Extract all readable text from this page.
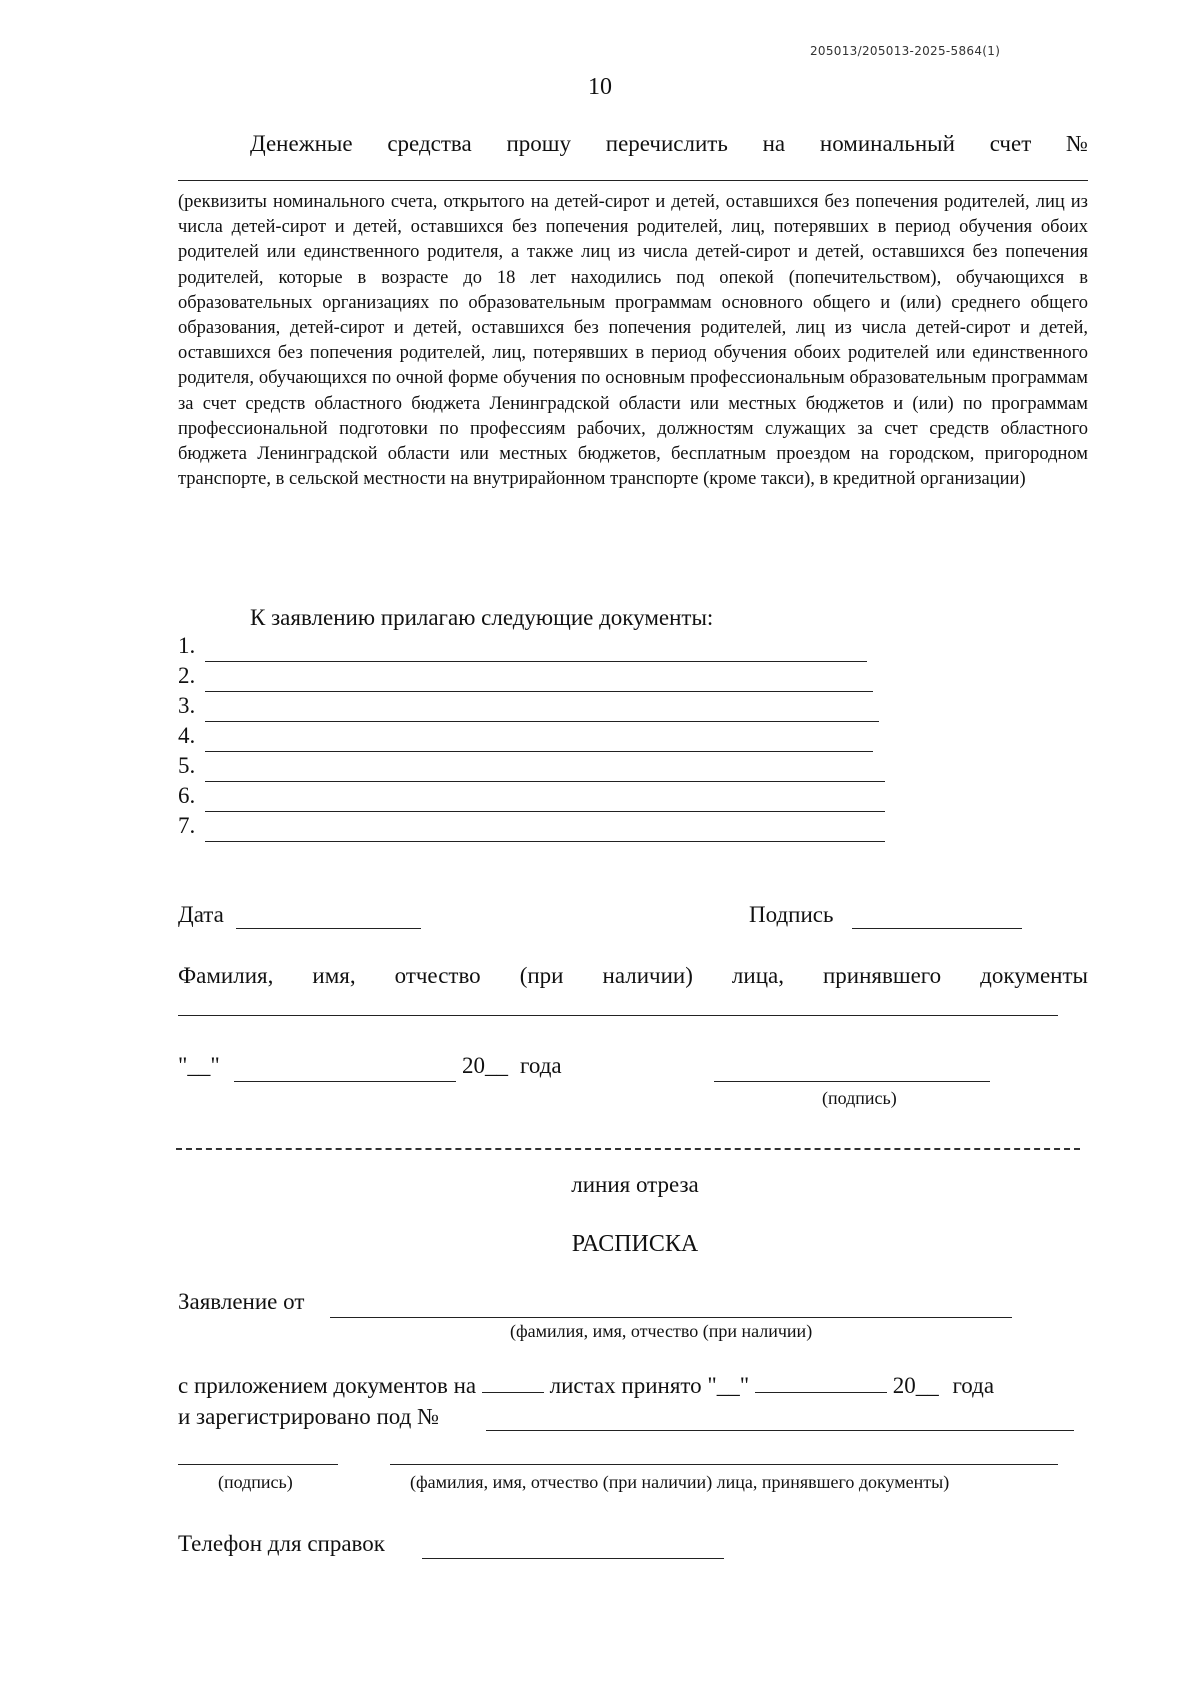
205013/205013-2025-5864(1)
10
Денежные средства прошу перечислить на номинальный счет №
(реквизиты номинального счета, открытого на детей-сирот и детей, оставшихся без попечения родителей, лиц из числа детей-сирот и детей, оставшихся без попечения родителей, лиц, потерявших в период обучения обоих родителей или единственного родителя, а также лиц из числа детей-сирот и детей, оставшихся без попечения родителей, которые в возрасте до 18 лет находились под опекой (попечительством), обучающихся в образовательных организациях по образовательным программам основного общего и (или) среднего общего образования, детей-сирот и детей, оставшихся без попечения родителей, лиц из числа детей-сирот и детей, оставшихся без попечения родителей, лиц, потерявших в период обучения обоих родителей или единственного родителя, обучающихся по очной форме обучения по основным профессиональным образовательным программам за счет средств областного бюджета Ленинградской области или местных бюджетов и (или) по программам профессиональной подготовки по профессиям рабочих, должностям служащих за счет средств областного бюджета Ленинградской области или местных бюджетов, бесплатным проездом на городском, пригородном транспорте, в сельской местности на внутрирайонном транспорте (кроме такси), в кредитной организации)
К заявлению прилагаю следующие документы:
1.
2.
3.
4.
5.
6.
7.
Дата	Подпись
Фамилия, имя, отчество (при наличии) лица, принявшего документы
"__"	20__ года
(подпись)
линия отреза
РАСПИСКА
Заявление от
(фамилия, имя, отчество (при наличии)
с приложением документов на	листах принято "__"	20__ года
и зарегистрировано под №
(подпись)	(фамилия, имя, отчество (при наличии) лица, принявшего документы)
Телефон для справок
